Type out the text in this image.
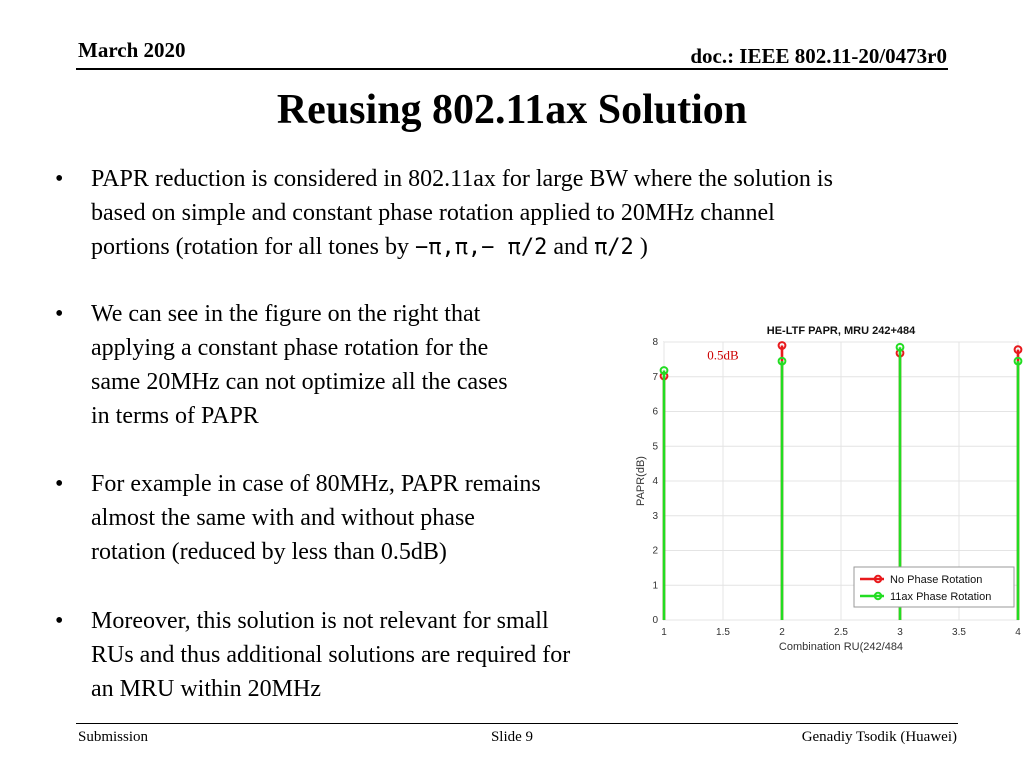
March 2020	doc.: IEEE 802.11-20/0473r0
Reusing 802.11ax Solution
• PAPR reduction is considered in 802.11ax for large BW where the solution is
based on simple and constant phase rotation applied to 20MHz channel
portions (rotation for all tones by −π,π,− π/2 and π/2 )
• We can see in the figure on the right that
applying a constant phase rotation for the
same 20MHz can not optimize all the cases
in terms of PAPR
• For example in case of 80MHz, PAPR remains
almost the same with and without phase
rotation (reduced by less than 0.5dB)
• Moreover, this solution is not relevant for small
RUs and thus additional solutions are required for
an MRU within 20MHz
1	1.5	2	2.5	3	3.5	4
0
1
2
3
4
5
6
7
8
HE-LTF PAPR, MRU 242+484
Combination RU(242/484
PAPR(dB)
0.5dB
No Phase Rotation
11ax Phase Rotation
Submission	Slide 9	Genadiy Tsodik (Huawei)
